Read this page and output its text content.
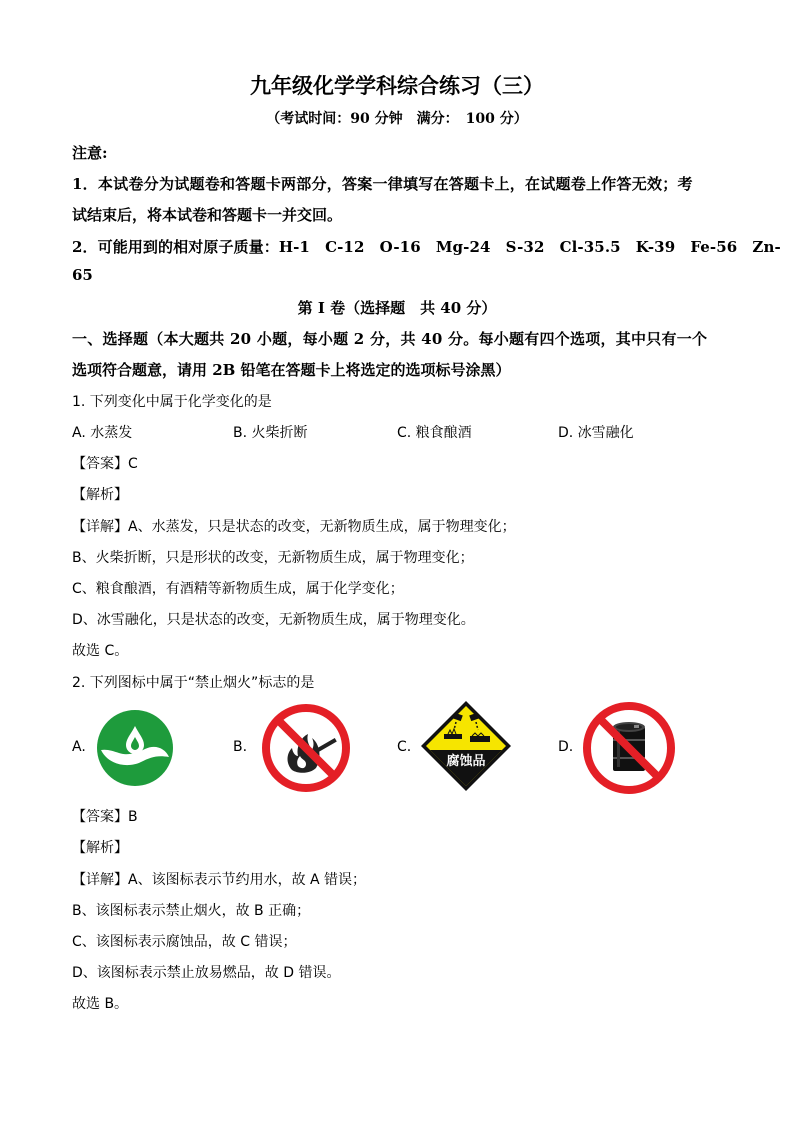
九年级化学学科综合练习（三）
（考试时间：90 分钟　满分：　100 分）
注意:
1．本试卷分为试题卷和答题卡两部分，答案一律填写在答题卡上，在试题卷上作答无效；考
试结束后，将本试卷和答题卡一并交回。
2．可能用到的相对原子质量：H-1　C-12　O-16　Mg-24　S-32　Cl-35.5　K-39　Fe-56　Zn-
65
第 I 卷（选择题　共 40 分）
一、选择题（本大题共 20 小题，每小题 2 分，共 40 分。每小题有四个选项，其中只有一个
选项符合题意，请用 2B 铅笔在答题卡上将选定的选项标号涂黑）
1. 下列变化中属于化学变化的是
A. 水蒸发	B. 火柴折断	C. 粮食酿酒	D. 冰雪融化
【答案】C
【解析】
【详解】A、水蒸发，只是状态的改变，无新物质生成，属于物理变化；
B、火柴折断，只是形状的改变，无新物质生成，属于物理变化；
C、粮食酿酒，有酒精等新物质生成，属于化学变化；
D、冰雪融化，只是状态的改变，无新物质生成，属于物理变化。
故选 C。
2. 下列图标中属于“禁止烟火”标志的是
A.	B.	C.
腐蚀品
D.
【答案】B
【解析】
【详解】A、该图标表示节约用水，故 A 错误；
B、该图标表示禁止烟火，故 B 正确；
C、该图标表示腐蚀品，故 C 错误；
D、该图标表示禁止放易燃品，故 D 错误。
故选 B。
